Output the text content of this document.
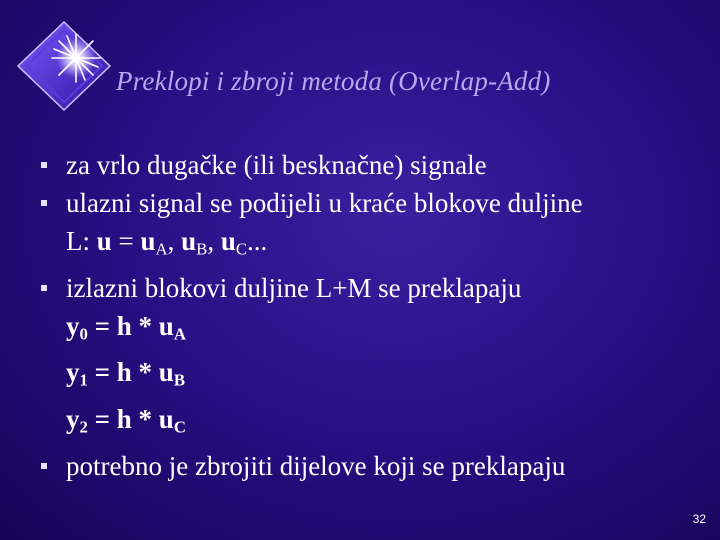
Preklopi i zbroji metoda (Overlap-Add)
za vrlo dugačke (ili besknačne) signale
ulazni signal se podijeli u kraće blokove duljine
L: $u = u_A$, $u_B$, $u_C$...
izlazni blokovi duljine L+M se preklapaju
$y_0 = h * u_A$
$y_1 = h * u_B$
$y_2 = h * u_C$
potrebno je zbrojiti dijelove koji se preklapaju
32
